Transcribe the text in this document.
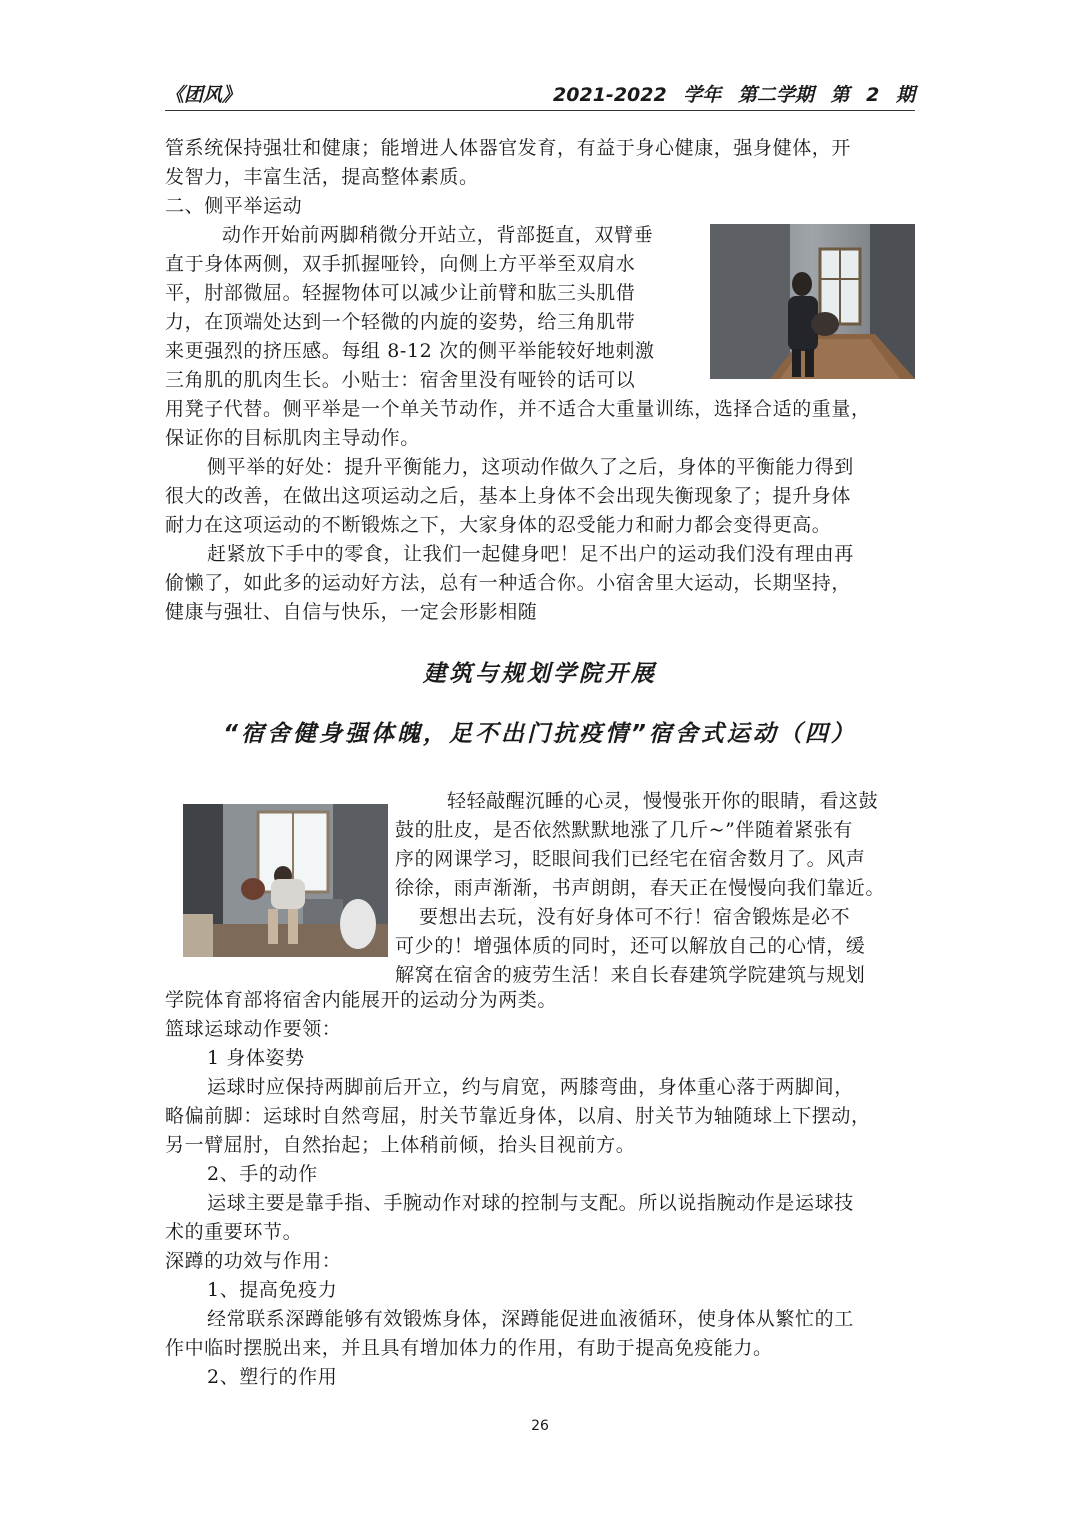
《团风》	2021-2022 学年 第二学期 第 2 期
管系统保持强壮和健康；能增进人体器官发育，有益于身心健康，强身健体，开
发智力，丰富生活，提高整体素质。
二、侧平举运动
动作开始前两脚稍微分开站立，背部挺直，双臂垂
直于身体两侧，双手抓握哑铃，向侧上方平举至双肩水
平，肘部微屈。轻握物体可以减少让前臂和肱三头肌借
力，在顶端处达到一个轻微的内旋的姿势，给三角肌带
来更强烈的挤压感。每组 8-12 次的侧平举能较好地刺激
三角肌的肌肉生长。小贴士：宿舍里没有哑铃的话可以
用凳子代替。侧平举是一个单关节动作，并不适合大重量训练，选择合适的重量，
保证你的目标肌肉主导动作。
侧平举的好处：提升平衡能力，这项动作做久了之后，身体的平衡能力得到
很大的改善，在做出这项运动之后，基本上身体不会出现失衡现象了；提升身体
耐力在这项运动的不断锻炼之下，大家身体的忍受能力和耐力都会变得更高。
赶紧放下手中的零食，让我们一起健身吧！足不出户的运动我们没有理由再
偷懒了，如此多的运动好方法，总有一种适合你。小宿舍里大运动，长期坚持，
健康与强壮、自信与快乐，一定会形影相随
建筑与规划学院开展
“宿舍健身强体魄，足不出门抗疫情”宿舍式运动（四）
轻轻敲醒沉睡的心灵，慢慢张开你的眼睛，看这鼓
鼓的肚皮，是否依然默默地涨了几斤~”伴随着紧张有
序的网课学习，眨眼间我们已经宅在宿舍数月了。风声
徐徐，雨声渐渐，书声朗朗，春天正在慢慢向我们靠近。
要想出去玩，没有好身体可不行！宿舍锻炼是必不
可少的！增强体质的同时，还可以解放自己的心情，缓
解窝在宿舍的疲劳生活！来自长春建筑学院建筑与规划
学院体育部将宿舍内能展开的运动分为两类。
篮球运球动作要领：
1 身体姿势
运球时应保持两脚前后开立，约与肩宽，两膝弯曲，身体重心落于两脚间，
略偏前脚：运球时自然弯屈，肘关节靠近身体，以肩、肘关节为轴随球上下摆动，
另一臂屈肘，自然抬起；上体稍前倾，抬头目视前方。
2、手的动作
运球主要是靠手指、手腕动作对球的控制与支配。所以说指腕动作是运球技
术的重要环节。
深蹲的功效与作用：
1、提高免疫力
经常联系深蹲能够有效锻炼身体，深蹲能促进血液循环，使身体从繁忙的工
作中临时摆脱出来，并且具有增加体力的作用，有助于提高免疫能力。
2、塑行的作用
26
